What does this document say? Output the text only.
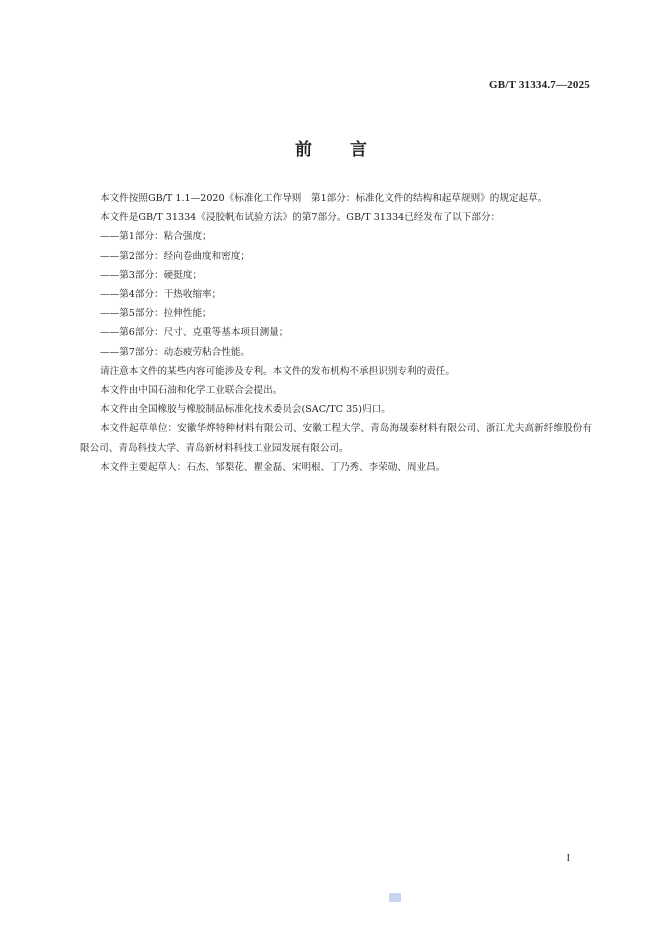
GB/T 31334.7—2025
前言

本文件按照GB/T 1.1—2020《标准化工作导则　第1部分：标准化文件的结构和起草规则》的规定起草。

本文件是GB/T 31334《浸胶帆布试验方法》的第7部分。GB/T 31334已经发布了以下部分：

——第1部分：粘合强度；

——第2部分：经向卷曲度和密度；

——第3部分：硬挺度；

——第4部分：干热收缩率；

——第5部分：拉伸性能；

——第6部分：尺寸、克重等基本项目测量；

——第7部分：动态疲劳粘合性能。

请注意本文件的某些内容可能涉及专利。本文件的发布机构不承担识别专利的责任。

本文件由中国石油和化学工业联合会提出。

本文件由全国橡胶与橡胶制品标准化技术委员会(SAC/TC 35)归口。

本文件起草单位：安徽华烨特种材料有限公司、安徽工程大学、青岛海晟泰材料有限公司、浙江尤夫高新纤维股份有限公司、青岛科技大学、青岛新材料科技工业园发展有限公司。

本文件主要起草人：石杰、邹梨花、瞿金磊、宋明根、丁乃秀、李荣勋、周业昌。

I
